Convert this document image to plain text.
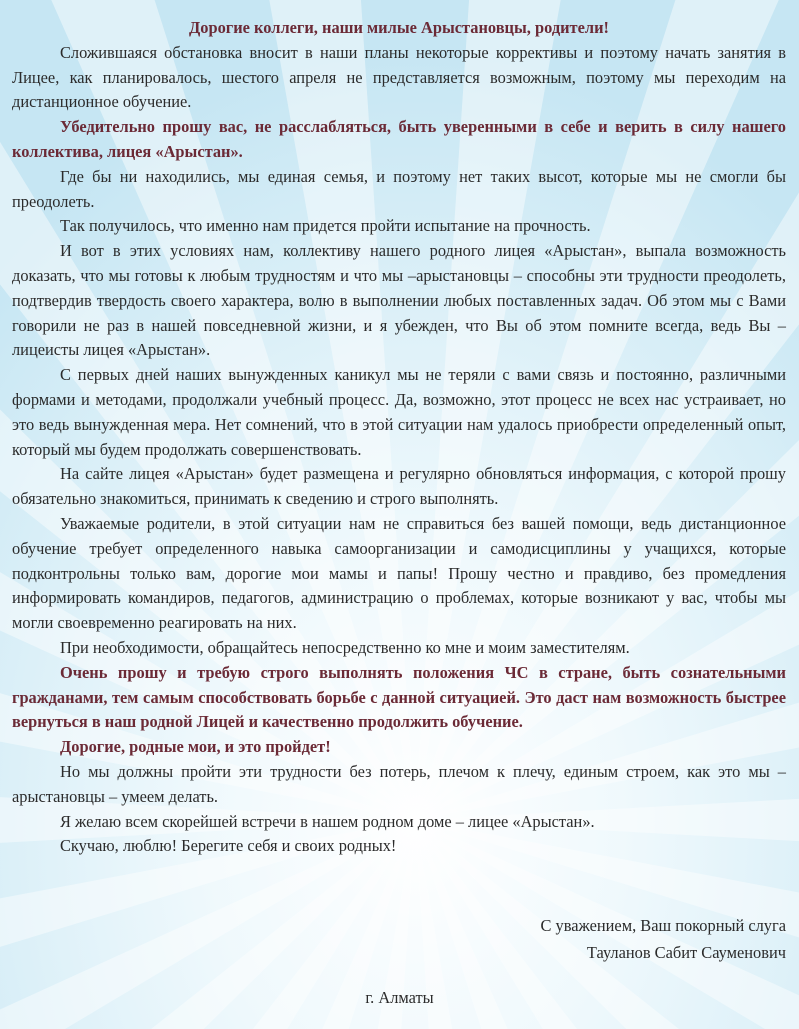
Дорогие коллеги, наши милые Арыстановцы, родители!

Сложившаяся обстановка вносит в наши планы некоторые коррективы и поэтому начать занятия в Лицее, как планировалось, шестого апреля не представляется возможным, поэтому мы переходим на дистанционное обучение.

Убедительно прошу вас, не расслабляться, быть уверенными в себе и верить в силу нашего коллектива, лицея «Арыстан».

Где бы ни находились, мы единая семья, и поэтому нет таких высот, которые мы не смогли бы преодолеть.

Так получилось, что именно нам придется пройти испытание на прочность.

И вот в этих условиях нам, коллективу нашего родного лицея «Арыстан», выпала возможность доказать, что мы готовы к любым трудностям и что мы –арыстановцы – способны эти трудности преодолеть, подтвердив твердость своего характера, волю в выполнении любых поставленных задач. Об этом мы с Вами говорили не раз в нашей повседневной жизни, и я убежден, что Вы об этом помните всегда, ведь Вы – лицеисты лицея «Арыстан».

С первых дней наших вынужденных каникул мы не теряли с вами связь и постоянно, различными формами и методами, продолжали учебный процесс. Да, возможно, этот процесс не всех нас устраивает, но это ведь вынужденная мера. Нет сомнений, что в этой ситуации нам удалось приобрести определенный опыт, который мы будем продолжать совершенствовать.

На сайте лицея «Арыстан» будет размещена и регулярно обновляться информация, с которой прошу обязательно знакомиться, принимать к сведению и строго выполнять.

Уважаемые родители, в этой ситуации нам не справиться без вашей помощи, ведь дистанционное обучение требует определенного навыка самоорганизации и самодисциплины у учащихся, которые подконтрольны только вам, дорогие мои мамы и папы! Прошу честно и правдиво, без промедления информировать командиров, педагогов, администрацию о проблемах, которые возникают у вас, чтобы мы могли своевременно реагировать на них.

При необходимости, обращайтесь непосредственно ко мне и моим заместителям.

Очень прошу и требую строго выполнять положения ЧС в стране, быть сознательными гражданами, тем самым способствовать борьбе с данной ситуацией. Это даст нам возможность быстрее вернуться в наш родной Лицей и качественно продолжить обучение.

Дорогие, родные мои, и это пройдет!

Но мы должны пройти эти трудности без потерь, плечом к плечу, единым строем, как это мы – арыстановцы – умеем делать.

Я желаю всем скорейшей встречи в нашем родном доме – лицее «Арыстан».

Скучаю, люблю! Берегите себя и своих родных!

С уважением, Ваш покорный слуга
Тауланов Сабит Сауменович
г. Алматы
